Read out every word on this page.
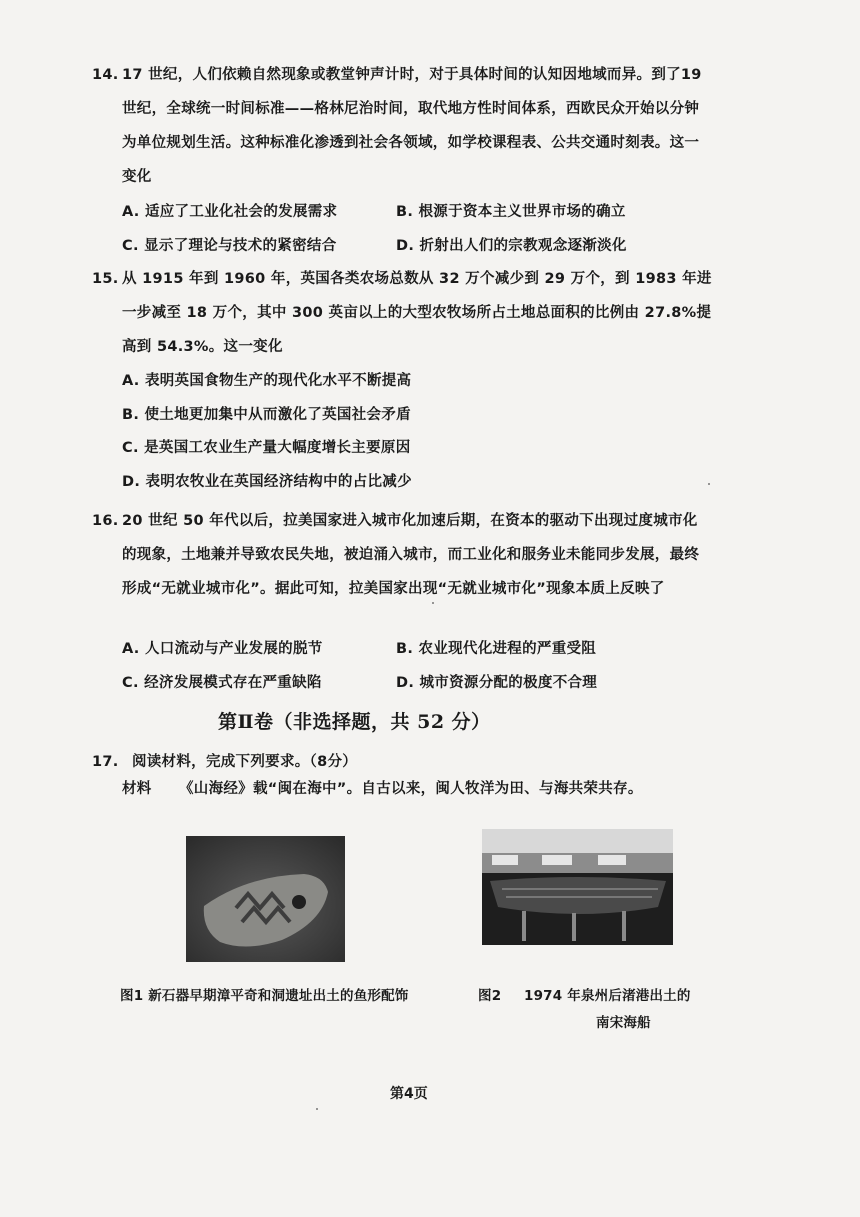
14. 17 世纪，人们依赖自然现象或教堂钟声计时，对于具体时间的认知因地域而异。到了19 世纪，全球统一时间标准——格林尼治时间，取代地方性时间体系，西欧民众开始以分钟为单位规划生活。这种标准化渗透到社会各领域，如学校课程表、公共交通时刻表。这一变化
A. 适应了工业化社会的发展需求	B. 根源于资本主义世界市场的确立
C. 显示了理论与技术的紧密结合	D. 折射出人们的宗教观念逐渐淡化
15. 从 1915 年到 1960 年，英国各类农场总数从 32 万个减少到 29 万个，到 1983 年进一步减至 18 万个，其中 300 英亩以上的大型农牧场所占土地总面积的比例由 27.8%提高到 54.3%。这一变化
A. 表明英国食物生产的现代化水平不断提高
B. 使土地更加集中从而激化了英国社会矛盾
C. 是英国工农业生产量大幅度增长主要原因
D. 表明农牧业在英国经济结构中的占比减少
16. 20 世纪 50 年代以后，拉美国家进入城市化加速后期，在资本的驱动下出现过度城市化的现象，土地兼并导致农民失地，被迫涌入城市，而工业化和服务业未能同步发展，最终形成“无就业城市化”。据此可知，拉美国家出现“无就业城市化”现象本质上反映了
A. 人口流动与产业发展的脱节	B. 农业现代化进程的严重受阻
C. 经济发展模式存在严重缺陷	D. 城市资源分配的极度不合理
第Ⅱ卷（非选择题，共 52 分）
17. 阅读材料，完成下列要求。（8分）
材料 《山海经》载“闽在海中”。自古以来，闽人牧洋为田、与海共荣共存。
图1 新石器早期漳平奇和洞遗址出土的鱼形配饰	图2 1974 年泉州后渚港出土的
南宋海船
第4页
